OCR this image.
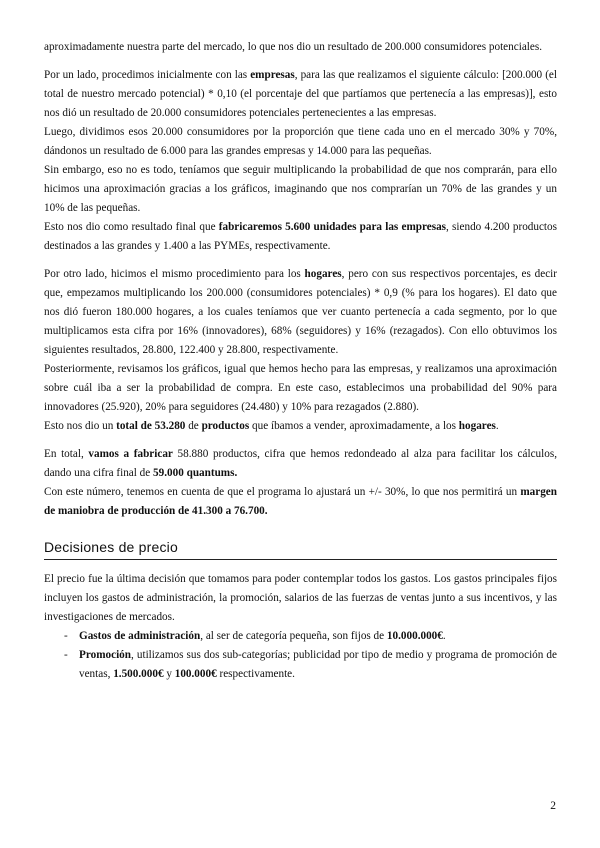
aproximadamente nuestra parte del mercado, lo que nos dio un resultado de 200.000 consumidores potenciales.

Por un lado, procedimos inicialmente con las empresas, para las que realizamos el siguiente cálculo: [200.000 (el total de nuestro mercado potencial) * 0,10 (el porcentaje del que partíamos que pertenecía a las empresas)], esto nos dió un resultado de 20.000 consumidores potenciales pertenecientes a las empresas.

Luego, dividimos esos 20.000 consumidores por la proporción que tiene cada uno en el mercado 30% y 70%, dándonos un resultado de 6.000 para las grandes empresas y 14.000 para las pequeñas.

Sin embargo, eso no es todo, teníamos que seguir multiplicando la probabilidad de que nos comprarán, para ello hicimos una aproximación gracias a los gráficos, imaginando que nos comprarían un 70% de las grandes y un 10% de las pequeñas.

Esto nos dio como resultado final que fabricaremos 5.600 unidades para las empresas, siendo 4.200 productos destinados a las grandes y 1.400 a las PYMEs, respectivamente.

Por otro lado, hicimos el mismo procedimiento para los hogares, pero con sus respectivos porcentajes, es decir que, empezamos multiplicando los 200.000 (consumidores potenciales) * 0,9 (% para los hogares). El dato que nos dió fueron 180.000 hogares, a los cuales teníamos que ver cuanto pertenecía a cada segmento, por lo que multiplicamos esta cifra por 16% (innovadores), 68% (seguidores) y 16% (rezagados). Con ello obtuvimos los siguientes resultados, 28.800, 122.400 y 28.800, respectivamente.

Posteriormente, revisamos los gráficos, igual que hemos hecho para las empresas, y realizamos una aproximación sobre cuál iba a ser la probabilidad de compra. En este caso, establecimos una probabilidad del 90% para innovadores (25.920), 20% para seguidores (24.480) y 10% para rezagados (2.880).

Esto nos dio un total de 53.280 de productos que íbamos a vender, aproximadamente, a los hogares.

En total, vamos a fabricar 58.880 productos, cifra que hemos redondeado al alza para facilitar los cálculos, dando una cifra final de 59.000 quantums.

Con este número, tenemos en cuenta de que el programa lo ajustará un +/- 30%, lo que nos permitirá un margen de maniobra de producción de 41.300 a 76.700.

Decisiones de precio

El precio fue la última decisión que tomamos para poder contemplar todos los gastos. Los gastos principales fijos incluyen los gastos de administración, la promoción, salarios de las fuerzas de ventas junto a sus incentivos, y las investigaciones de mercados.

- Gastos de administración, al ser de categoría pequeña, son fijos de 10.000.000€.

- Promoción, utilizamos sus dos sub-categorías; publicidad por tipo de medio y programa de promoción de ventas, 1.500.000€ y 100.000€ respectivamente.

2
